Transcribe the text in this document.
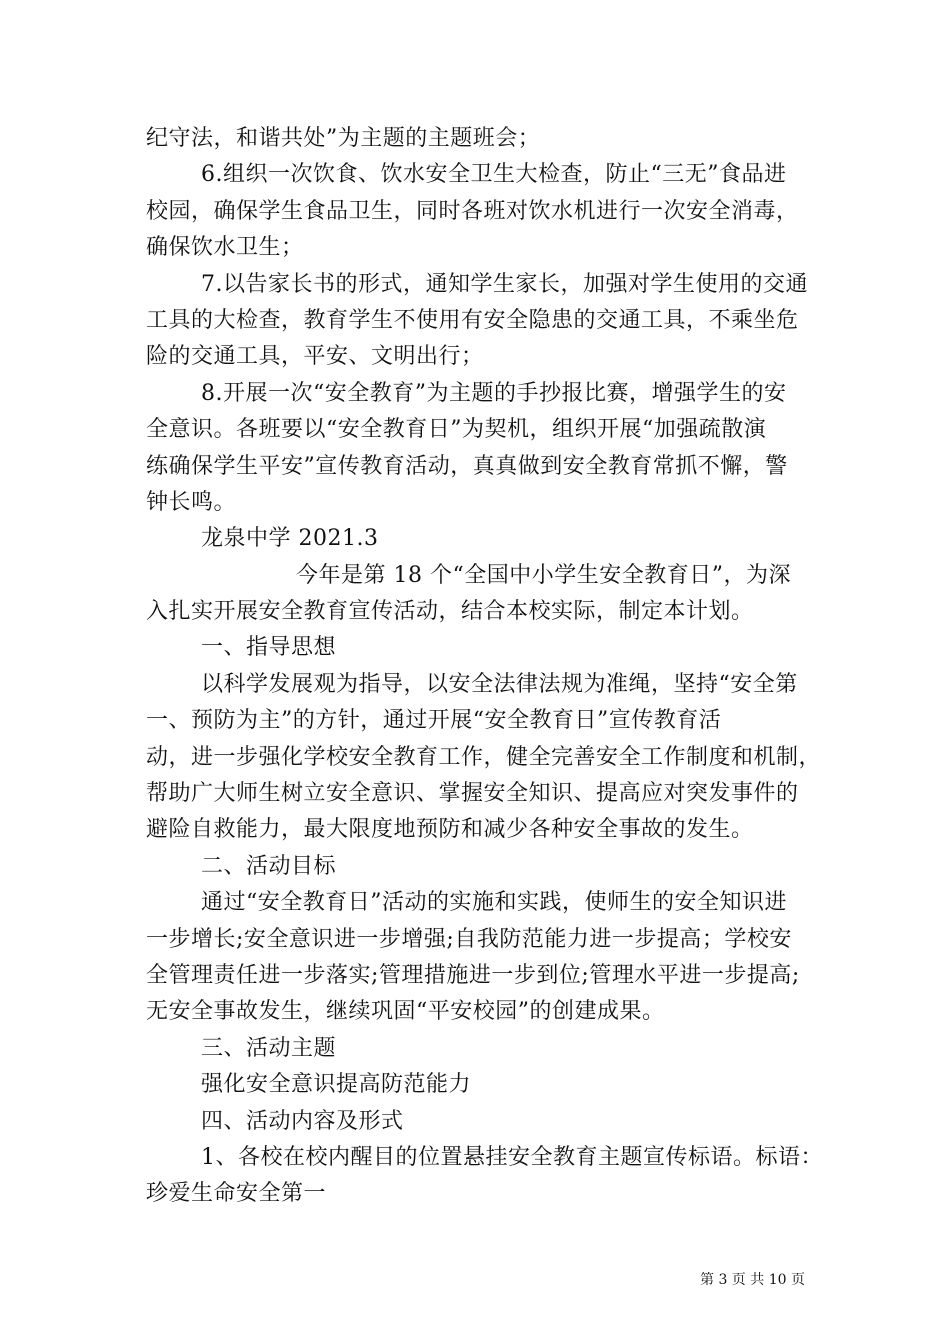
纪守法，和谐共处”为主题的主题班会；
6.组织一次饮食、饮水安全卫生大检查，防止“三无”食品进
校园，确保学生食品卫生，同时各班对饮水机进行一次安全消毒，
确保饮水卫生；
7.以告家长书的形式，通知学生家长，加强对学生使用的交通
工具的大检查，教育学生不使用有安全隐患的交通工具，不乘坐危
险的交通工具，平安、文明出行；
8.开展一次“安全教育”为主题的手抄报比赛，增强学生的安
全意识。各班要以“安全教育日”为契机，组织开展“加强疏散演
练确保学生平安”宣传教育活动，真真做到安全教育常抓不懈，警
钟长鸣。
龙泉中学 2021.3
今年是第 18 个“全国中小学生安全教育日”，为深
入扎实开展安全教育宣传活动，结合本校实际，制定本计划。
一、指导思想
以科学发展观为指导，以安全法律法规为准绳，坚持“安全第
一、预防为主”的方针，通过开展“安全教育日”宣传教育活
动，进一步强化学校安全教育工作，健全完善安全工作制度和机制，
帮助广大师生树立安全意识、掌握安全知识、提高应对突发事件的
避险自救能力，最大限度地预防和减少各种安全事故的发生。
二、活动目标
通过“安全教育日”活动的实施和实践，使师生的安全知识进
一步增长;安全意识进一步增强;自我防范能力进一步提高；学校安
全管理责任进一步落实;管理措施进一步到位;管理水平进一步提高;
无安全事故发生，继续巩固“平安校园”的创建成果。
三、活动主题
强化安全意识提高防范能力
四、活动内容及形式
1、各校在校内醒目的位置悬挂安全教育主题宣传标语。标语：
珍爱生命安全第一
第 3 页 共 10 页
